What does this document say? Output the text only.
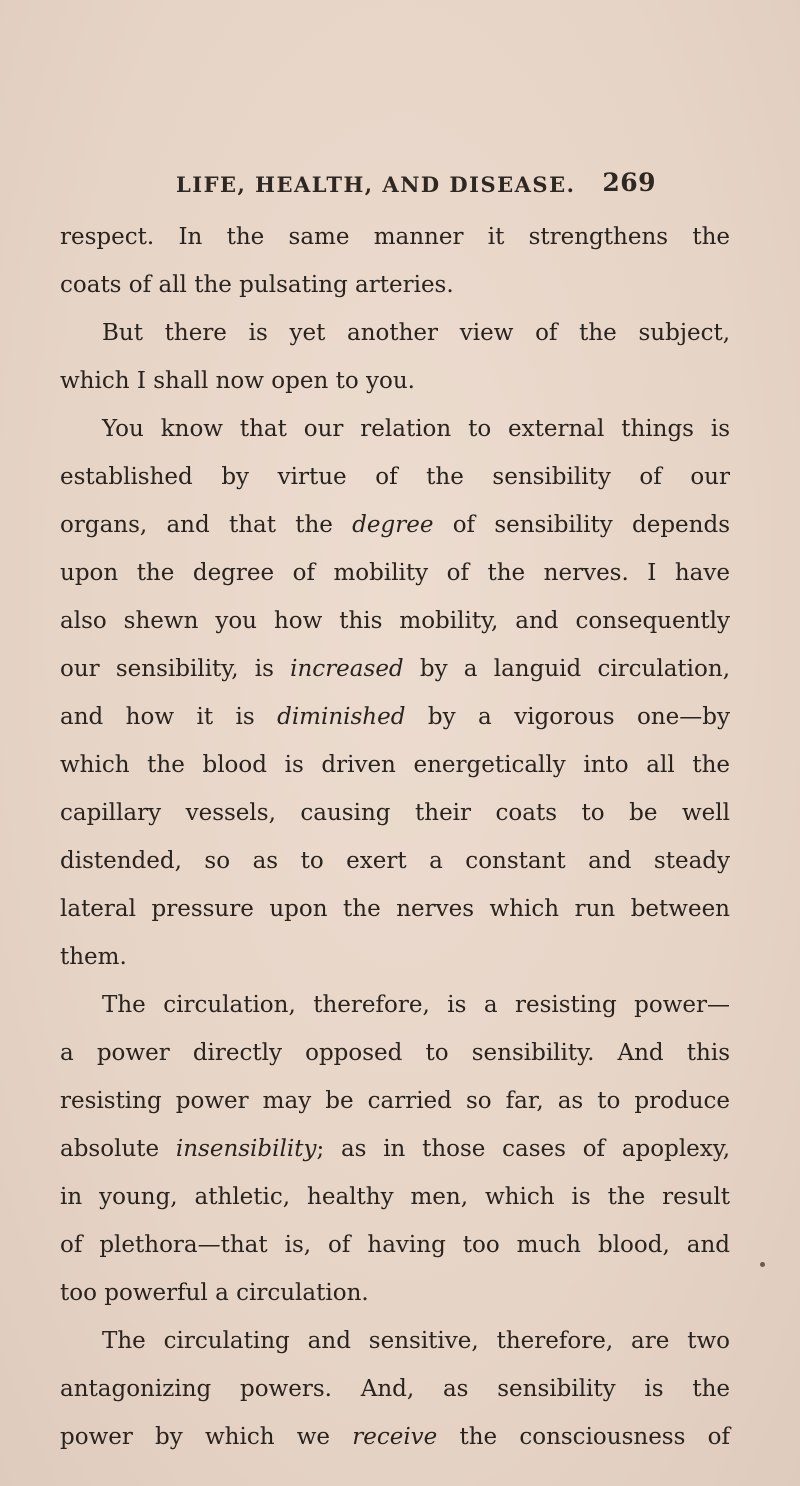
LIFE, HEALTH, AND DISEASE. 269
respect. In the same manner it strengthens the
coats of all the pulsating arteries.
But there is yet another view of the subject,
which I shall now open to you.
You know that our relation to external things is
established by virtue of the sensibility of our
organs, and that the degree of sensibility depends
upon the degree of mobility of the nerves. I have
also shewn you how this mobility, and consequently
our sensibility, is increased by a languid circulation,
and how it is diminished by a vigorous one—by
which the blood is driven energetically into all the
capillary vessels, causing their coats to be well
distended, so as to exert a constant and steady
lateral pressure upon the nerves which run between
them.
The circulation, therefore, is a resisting power—
a power directly opposed to sensibility. And this
resisting power may be carried so far, as to produce
absolute insensibility; as in those cases of apoplexy,
in young, athletic, healthy men, which is the result
of plethora—that is, of having too much blood, and
too powerful a circulation.
The circulating and sensitive, therefore, are two
antagonizing powers. And, as sensibility is the
power by which we receive the consciousness of
